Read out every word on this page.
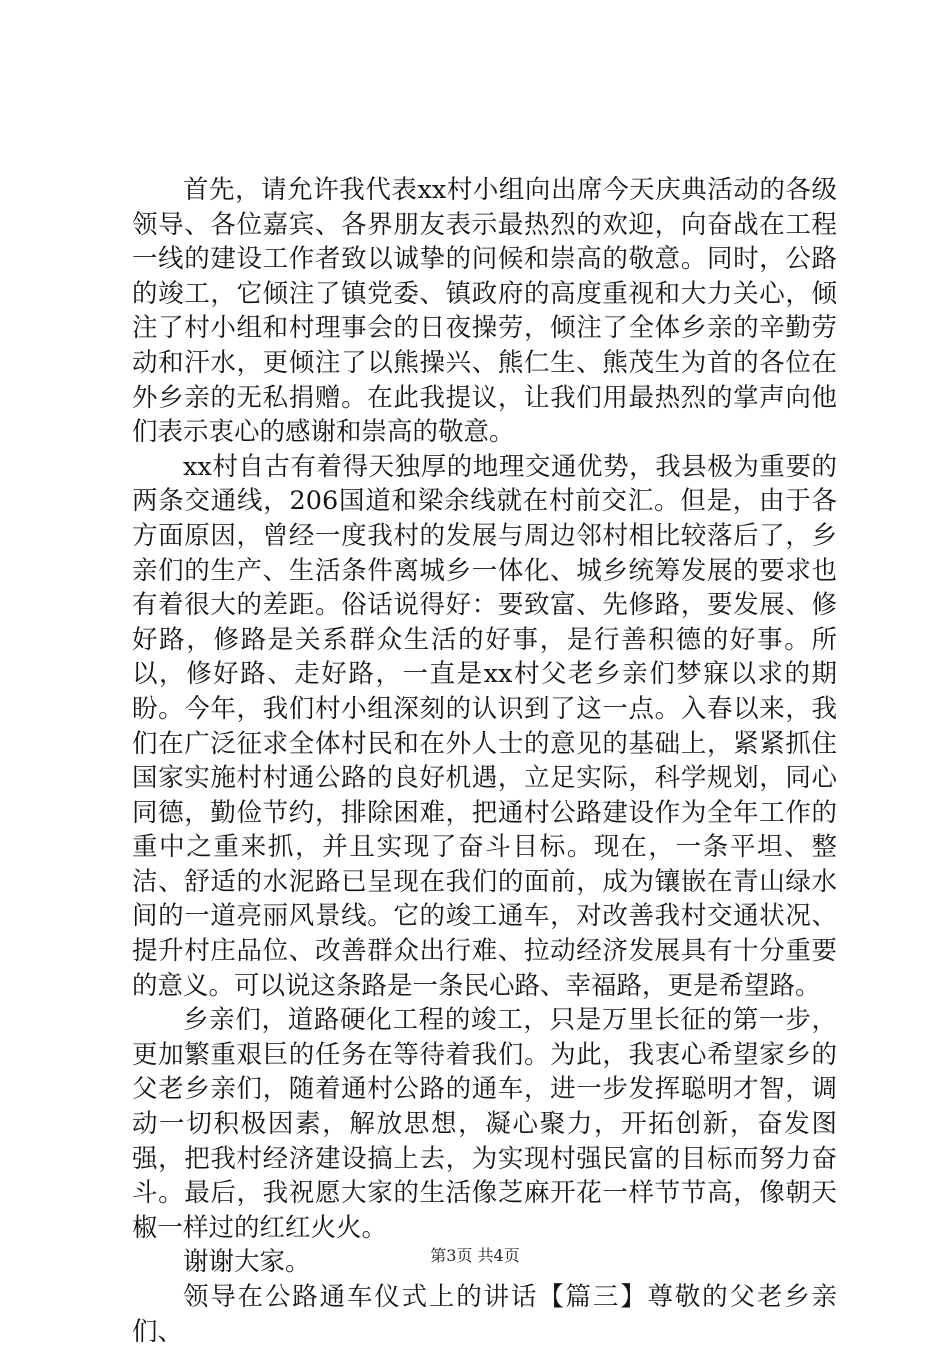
首先，请允许我代表xx村小组向出席今天庆典活动的各级领导、各位嘉宾、各界朋友表示最热烈的欢迎，向奋战在工程一线的建设工作者致以诚挚的问候和崇高的敬意。同时，公路的竣工，它倾注了镇党委、镇政府的高度重视和大力关心，倾注了村小组和村理事会的日夜操劳，倾注了全体乡亲的辛勤劳动和汗水，更倾注了以熊操兴、熊仁生、熊茂生为首的各位在外乡亲的无私捐赠。在此我提议，让我们用最热烈的掌声向他们表示衷心的感谢和崇高的敬意。

xx村自古有着得天独厚的地理交通优势，我县极为重要的两条交通线，206国道和梁余线就在村前交汇。但是，由于各方面原因，曾经一度我村的发展与周边邻村相比较落后了，乡亲们的生产、生活条件离城乡一体化、城乡统筹发展的要求也有着很大的差距。俗话说得好：要致富、先修路，要发展、修好路，修路是关系群众生活的好事，是行善积德的好事。所以，修好路、走好路，一直是xx村父老乡亲们梦寐以求的期盼。今年，我们村小组深刻的认识到了这一点。入春以来，我们在广泛征求全体村民和在外人士的意见的基础上，紧紧抓住国家实施村村通公路的良好机遇，立足实际，科学规划，同心同德，勤俭节约，排除困难，把通村公路建设作为全年工作的重中之重来抓，并且实现了奋斗目标。现在，一条平坦、整洁、舒适的水泥路已呈现在我们的面前，成为镶嵌在青山绿水间的一道亮丽风景线。它的竣工通车，对改善我村交通状况、提升村庄品位、改善群众出行难、拉动经济发展具有十分重要的意义。可以说这条路是一条民心路、幸福路，更是希望路。

乡亲们，道路硬化工程的竣工，只是万里长征的第一步，更加繁重艰巨的任务在等待着我们。为此，我衷心希望家乡的父老乡亲们，随着通村公路的通车，进一步发挥聪明才智，调动一切积极因素，解放思想，凝心聚力，开拓创新，奋发图强，把我村经济建设搞上去，为实现村强民富的目标而努力奋斗。最后，我祝愿大家的生活像芝麻开花一样节节高，像朝天椒一样过的红红火火。

谢谢大家。

领导在公路通车仪式上的讲话【篇三】尊敬的父老乡亲们、

第3页 共4页
